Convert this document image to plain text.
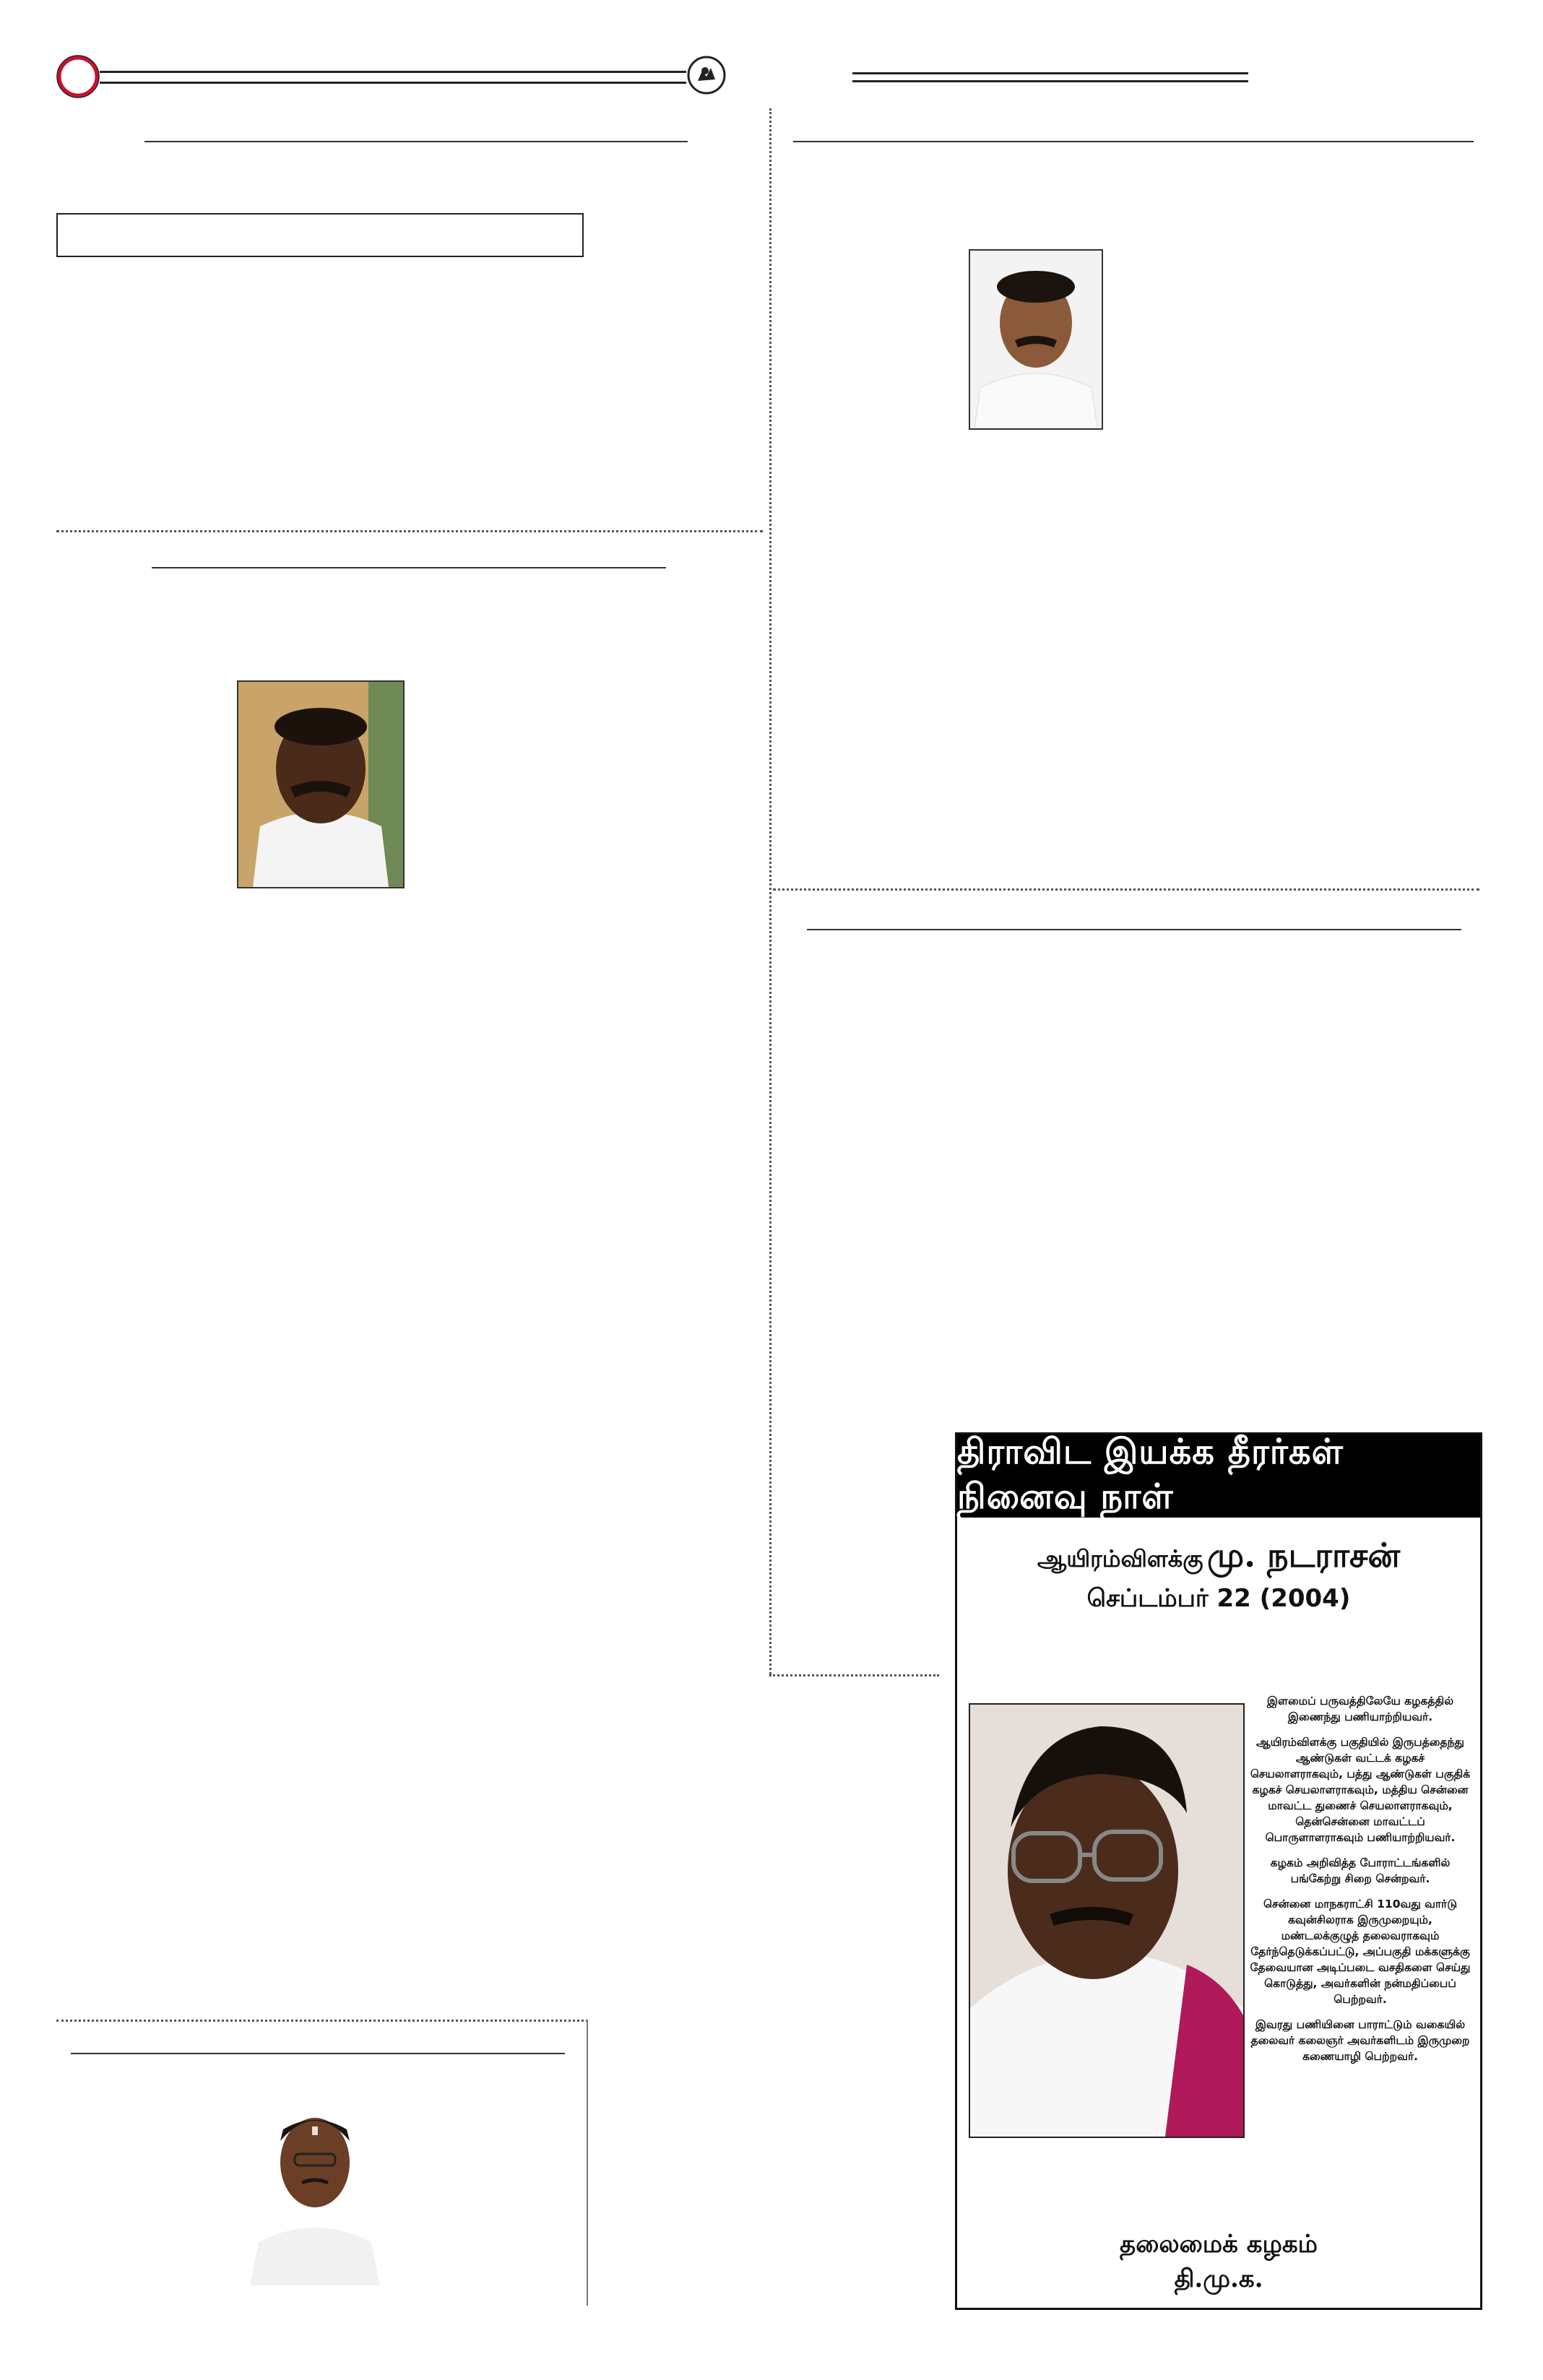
திராவிட இயக்க தீரர்கள் நினைவு நாள்
ஆயிரம்விளக்கு மு. நடராசன்
செப்டம்பர் 22 (2004)

இளமைப் பருவத்திலேயே கழகத்தில் இணைந்து பணியாற்றியவர்.

ஆயிரம்விளக்கு பகுதியில் இருபத்தைந்து ஆண்டுகள் வட்டக் கழகச் செயலாளராகவும், பத்து ஆண்டுகள் பகுதிக் கழகச் செயலாளராகவும், மத்திய சென்னை மாவட்ட துணைச் செயலாளராகவும், தென்சென்னை மாவட்டப் பொருளாளராகவும் பணியாற்றியவர்.

கழகம் அறிவித்த போராட்டங்களில் பங்கேற்று சிறை சென்றவர்.

சென்னை மாநகராட்சி 110வது வார்டு கவுன்சிலராக இருமுறையும், மண்டலக்குழுத் தலைவராகவும் தேர்ந்தெடுக்கப்பட்டு, அப்பகுதி மக்களுக்கு தேவையான அடிப்படை வசதிகளை செய்து கொடுத்து, அவர்களின் நன்மதிப்பைப் பெற்றவர்.

இவரது பணியினை பாராட்டும் வகையில் தலைவர் கலைஞர் அவர்களிடம் இருமுறை கணையாழி பெற்றவர்.

தலைமைக் கழகம்
தி.மு.க.
